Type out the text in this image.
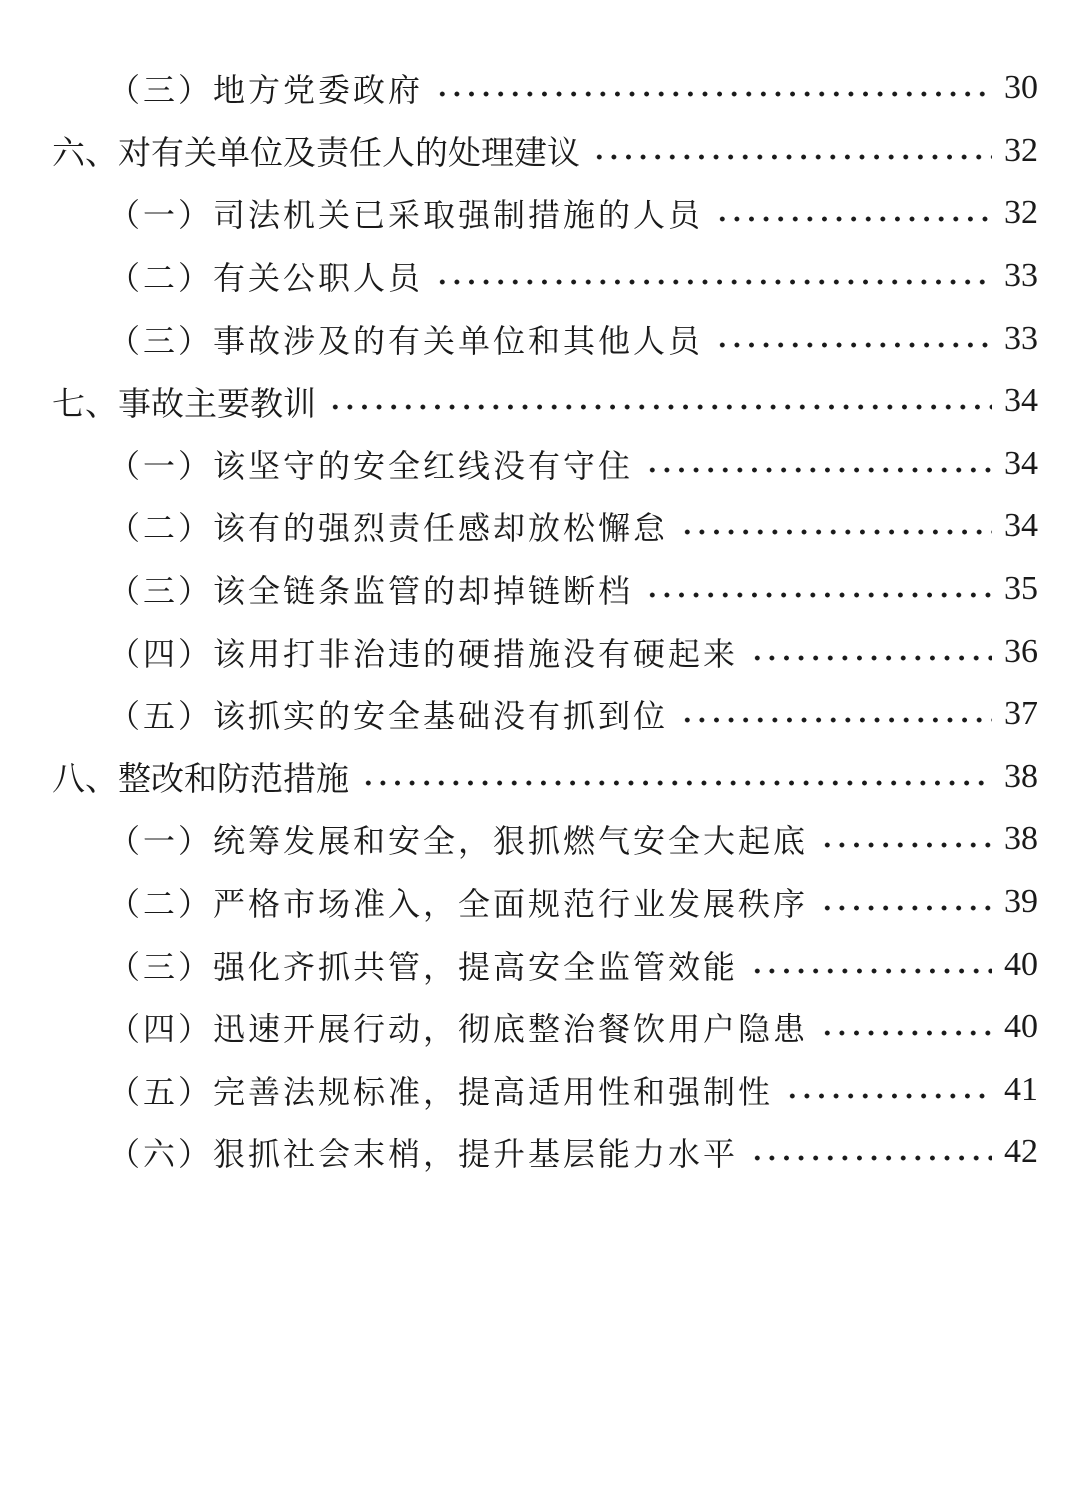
（三）地方党委政府	30
六、对有关单位及责任人的处理建议	32
（一）司法机关已采取强制措施的人员	32
（二）有关公职人员	33
（三）事故涉及的有关单位和其他人员	33
七、事故主要教训	34
（一）该坚守的安全红线没有守住	34
（二）该有的强烈责任感却放松懈怠	34
（三）该全链条监管的却掉链断档	35
（四）该用打非治违的硬措施没有硬起来	36
（五）该抓实的安全基础没有抓到位	37
八、整改和防范措施	38
（一）统筹发展和安全，狠抓燃气安全大起底	38
（二）严格市场准入，全面规范行业发展秩序	39
（三）强化齐抓共管，提高安全监管效能	40
（四）迅速开展行动，彻底整治餐饮用户隐患	40
（五）完善法规标准，提高适用性和强制性	41
（六）狠抓社会末梢，提升基层能力水平	42
